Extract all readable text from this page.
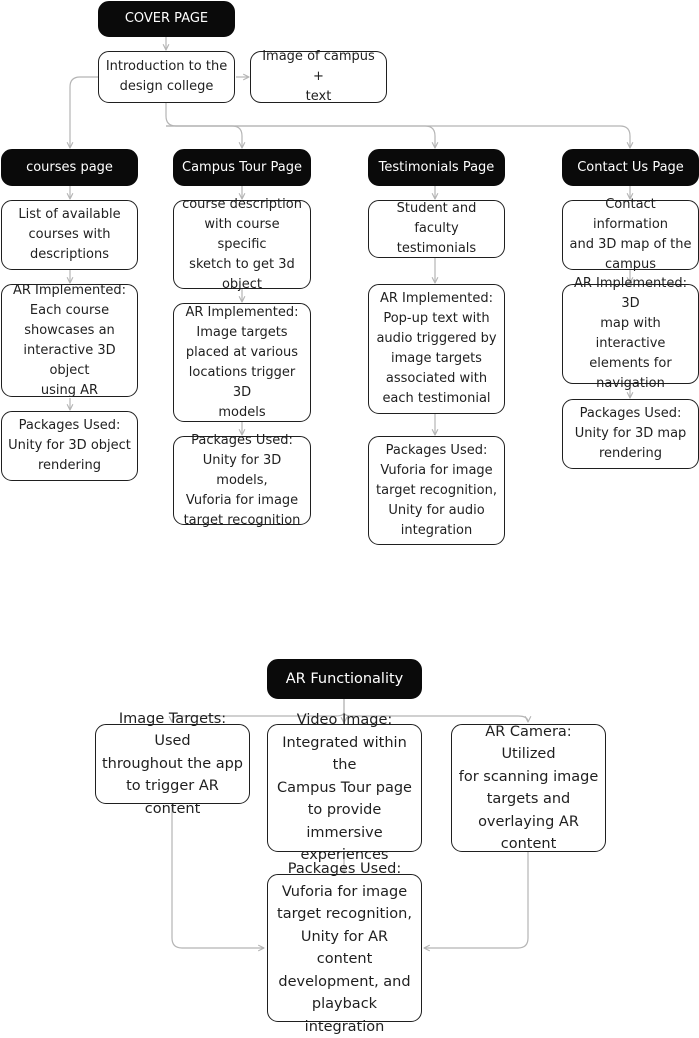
COVER PAGE
Introduction to the
design college
Image of campus +
text
courses page
List of available
courses with
descriptions
AR Implemented:
Each course
showcases an
interactive 3D object
using AR
Packages Used:
Unity for 3D object
rendering
Campus Tour Page
course description
with course specific
sketch to get 3d
object
AR Implemented:
Image targets
placed at various
locations trigger 3D
models
Packages Used:
Unity for 3D models,
Vuforia for image
target recognition
Testimonials Page
Student and faculty
testimonials
AR Implemented:
Pop-up text with
audio triggered by
image targets
associated with
each testimonial
Packages Used:
Vuforia for image
target recognition,
Unity for audio
integration
Contact Us Page
Contact information
and 3D map of the
campus
AR Implemented: 3D
map with interactive
elements for
navigation
Packages Used:
Unity for 3D map
rendering
AR Functionality
Image Targets: Used
throughout the app
to trigger AR content
Video Image:
Integrated within the
Campus Tour page
to provide immersive
experiences
AR Camera: Utilized
for scanning image
targets and
overlaying AR
content
Packages Used:
Vuforia for image
target recognition,
Unity for AR content
development, and
playback integration
